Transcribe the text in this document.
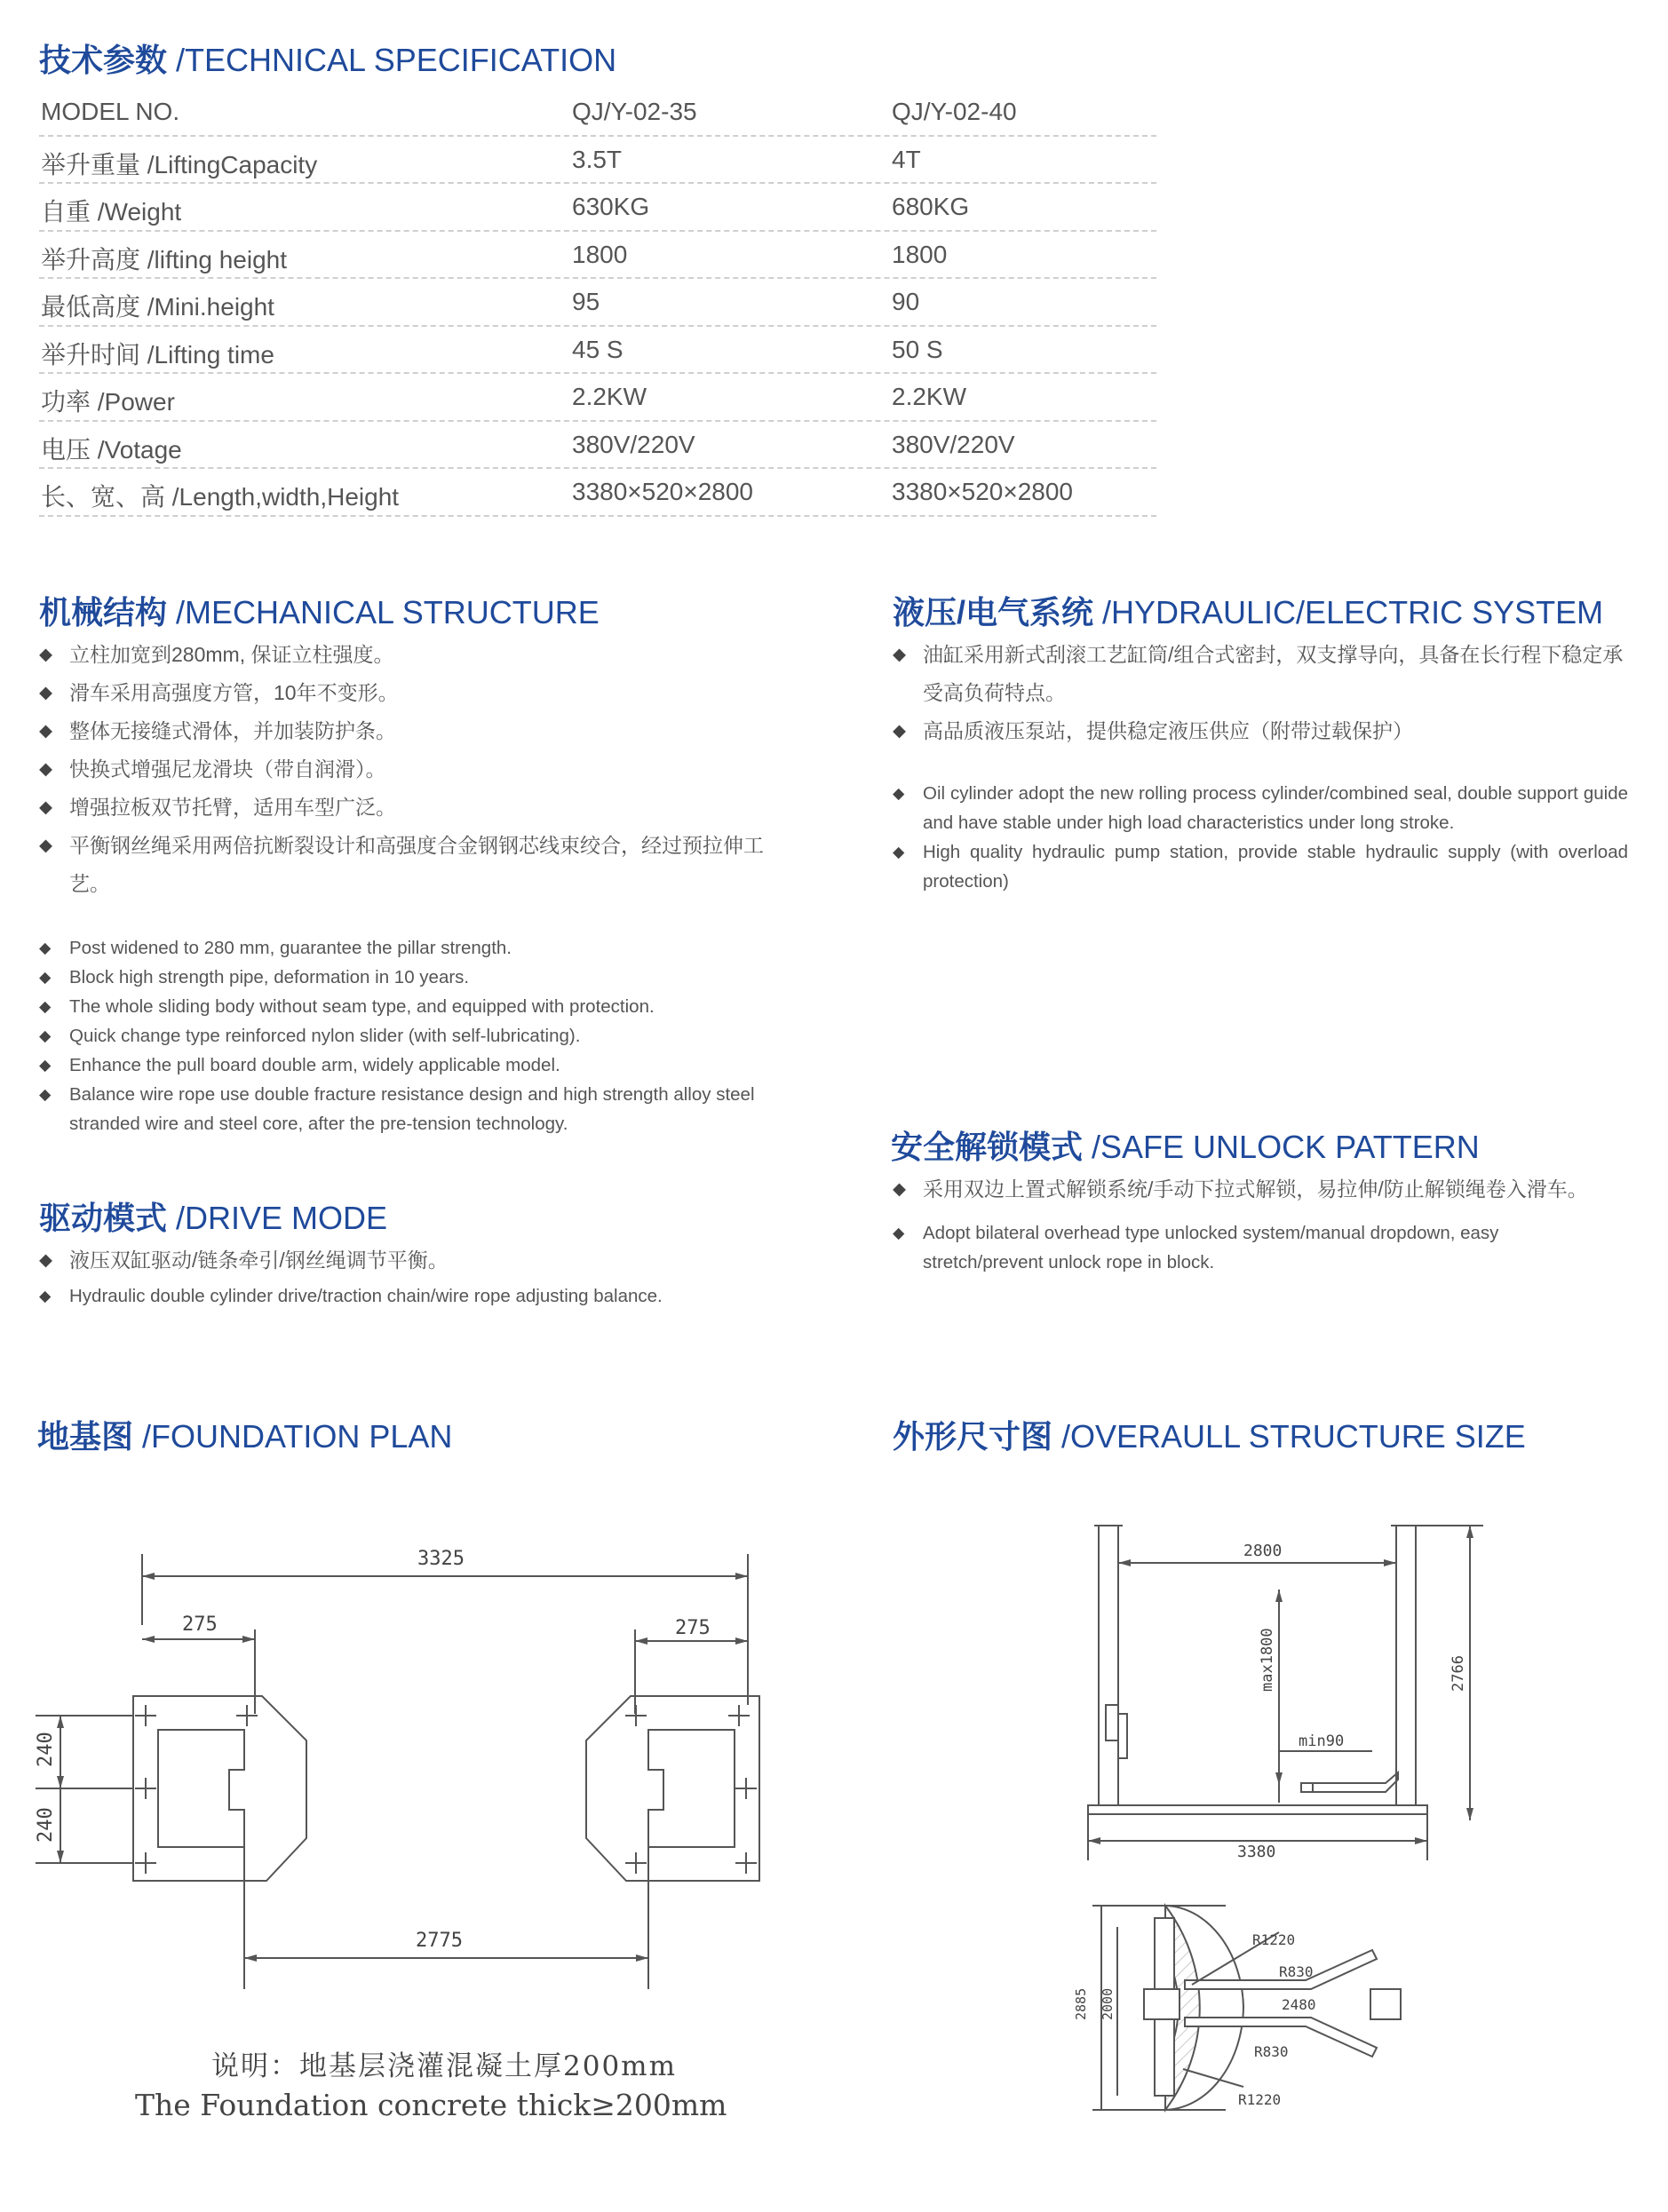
技术参数 /TECHNICAL SPECIFICATION
MODEL NO.	QJ/Y-02-35	QJ/Y-02-40
举升重量 /LiftingCapacity	3.5T	4T
自重 /Weight	630KG	680KG
举升高度 /lifting height	1800	1800
最低高度 /Mini.height	95	90
举升时间 /Lifting time	45 S	50 S
功率 /Power	2.2KW	2.2KW
电压 /Votage	380V/220V	380V/220V
长、宽、高 /Length,width,Height	3380×520×2800	3380×520×2800
机械结构 /MECHANICAL STRUCTURE
◆ 立柱加宽到280mm, 保证立柱强度。
◆ 滑车采用高强度方管，10年不变形。
◆ 整体无接缝式滑体，并加装防护条。
◆ 快换式增强尼龙滑块（带自润滑）。
◆ 增强拉板双节托臂，适用车型广泛。
◆ 平衡钢丝绳采用两倍抗断裂设计和高强度合金钢钢芯线束绞合，经过预拉伸工艺。
◆ Post widened to 280 mm, guarantee the pillar strength.
◆ Block high strength pipe, deformation in 10 years.
◆ The whole sliding body without seam type, and equipped with protection.
◆ Quick change type reinforced nylon slider (with self-lubricating).
◆ Enhance the pull board double arm, widely applicable model.
◆ Balance wire rope use double fracture resistance design and high strength alloy steel stranded wire and steel core, after the pre-tension technology.
驱动模式 /DRIVE MODE
◆ 液压双缸驱动/链条牵引/钢丝绳调节平衡。
◆ Hydraulic double cylinder drive/traction chain/wire rope adjusting balance.
液压/电气系统 /HYDRAULIC/ELECTRIC SYSTEM
◆ 油缸采用新式刮滚工艺缸筒/组合式密封，双支撑导向，具备在长行程下稳定承受高负荷特点。
◆ 高品质液压泵站，提供稳定液压供应（附带过载保护）
◆ Oil cylinder adopt the new rolling process cylinder/combined seal, double support guide and have stable under high load characteristics under long stroke.
◆ High quality hydraulic pump station, provide stable hydraulic supply (with overload protection)
安全解锁模式 /SAFE UNLOCK PATTERN
◆ 采用双边上置式解锁系统/手动下拉式解锁，易拉伸/防止解锁绳卷入滑车。
◆ Adopt bilateral overhead type unlocked system/manual dropdown, easy stretch/prevent unlock rope in block.
地基图 /FOUNDATION PLAN
3325
275	275
240
240
2775
说明：地基层浇灌混凝土厚200mm
The Foundation concrete thick≥200mm
外形尺寸图 /OVERAULL STRUCTURE SIZE
2800
max1800	2766
min90
3380
2885 2000
R1220
R830
2480
R830
R1220
